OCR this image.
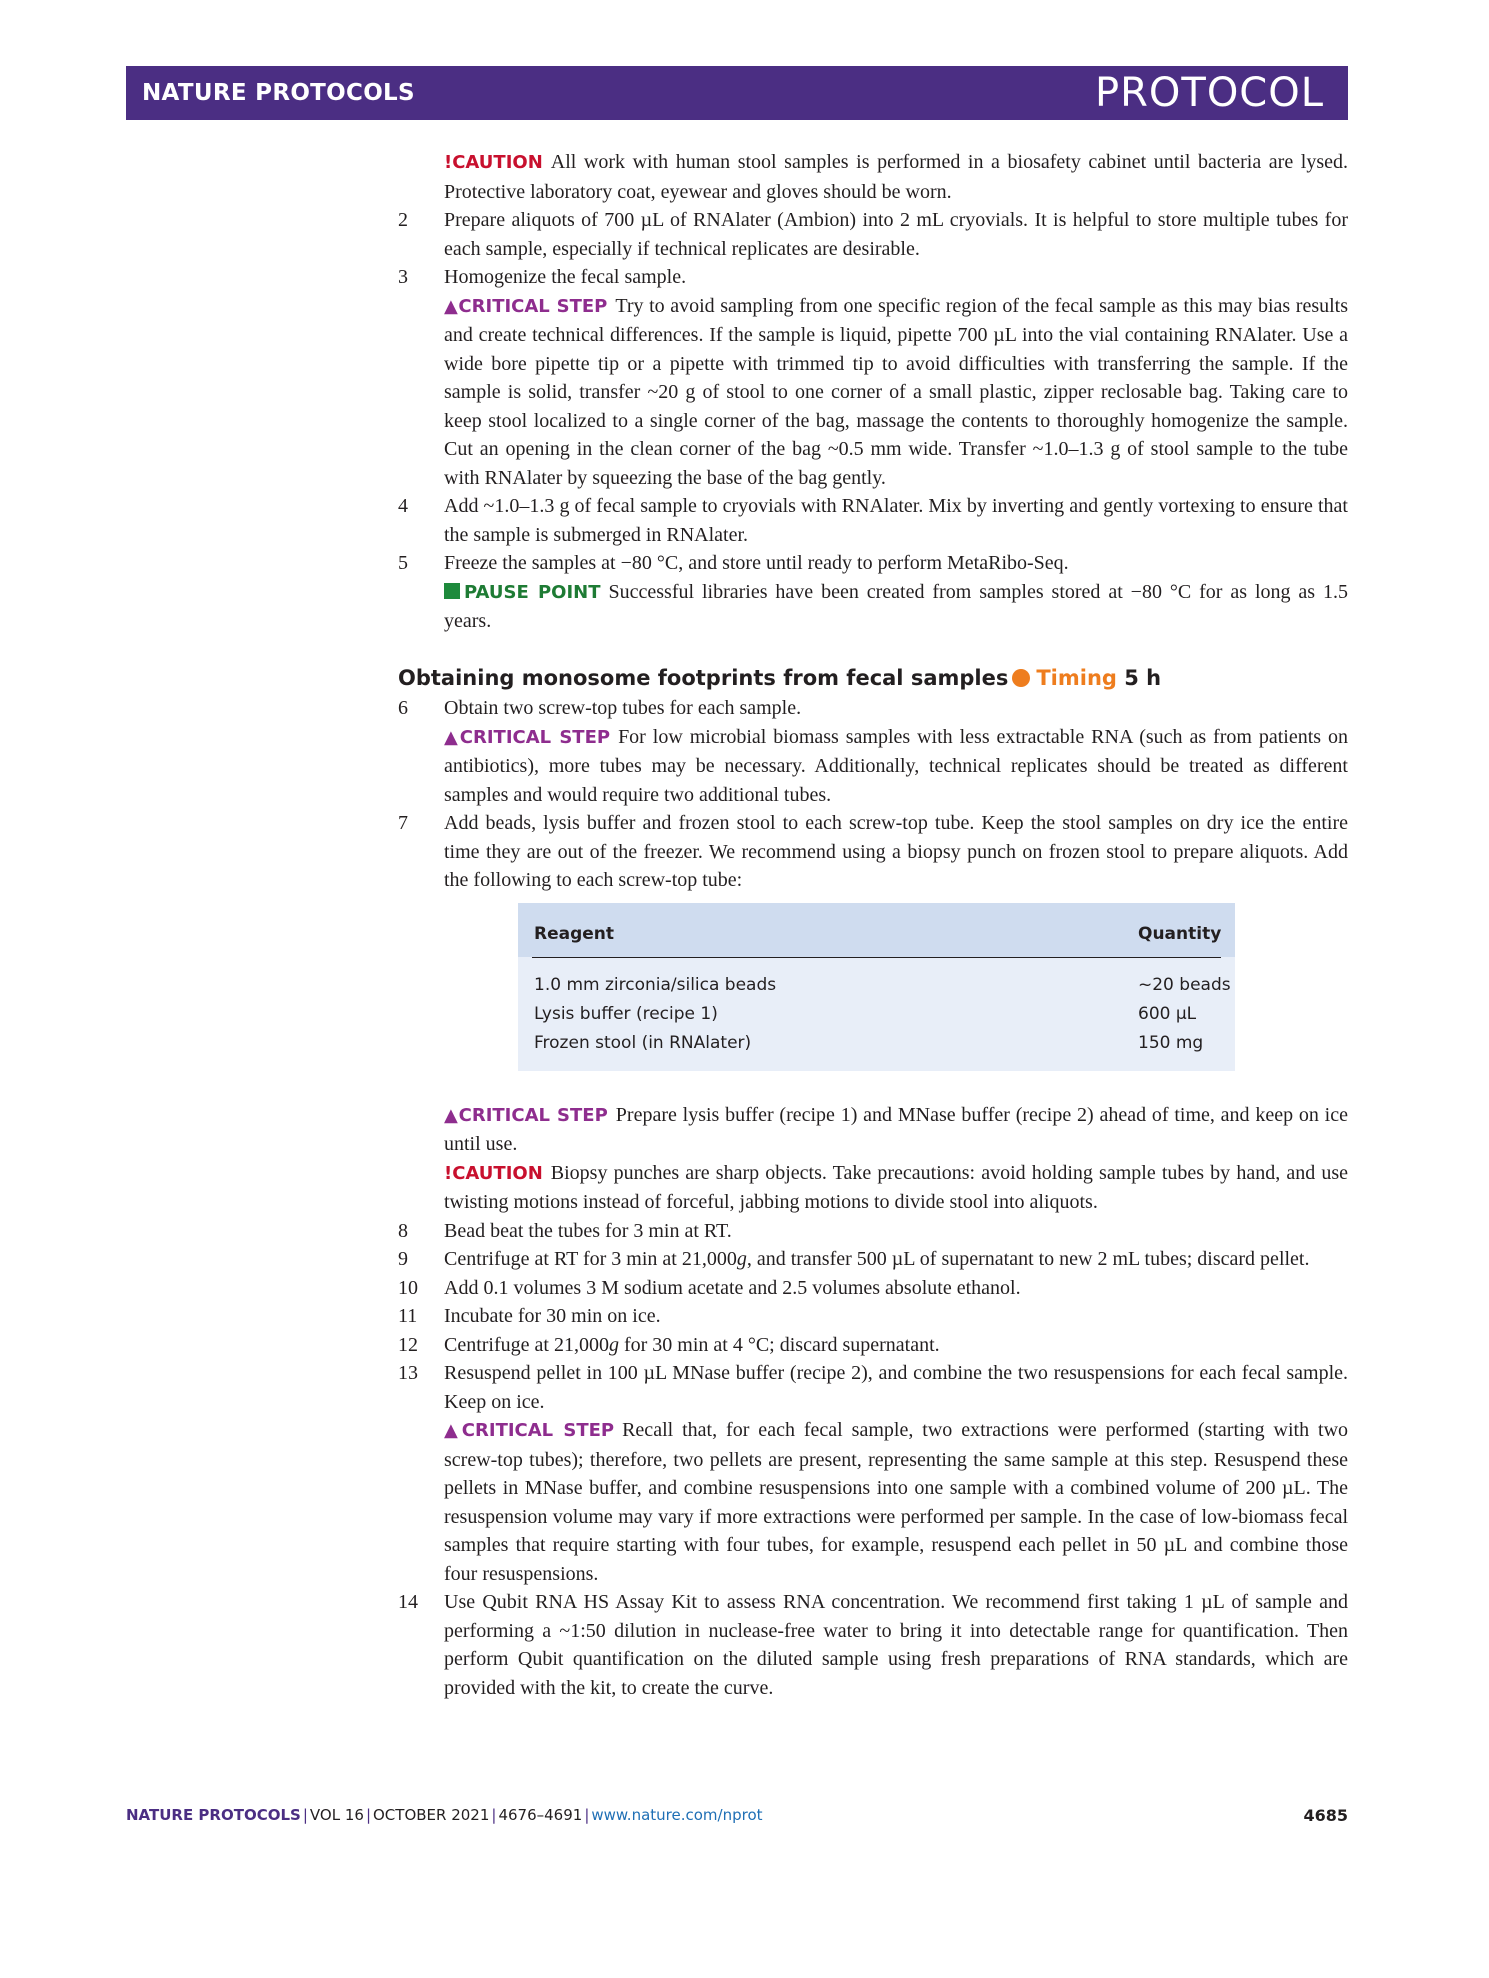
NATURE PROTOCOLS	PROTOCOL
!CAUTION All work with human stool samples is performed in a biosafety cabinet until bacteria are lysed. Protective laboratory coat, eyewear and gloves should be worn.
2 Prepare aliquots of 700 µL of RNAlater (Ambion) into 2 mL cryovials. It is helpful to store multiple tubes for each sample, especially if technical replicates are desirable.
3 Homogenize the fecal sample.
▲CRITICAL STEP Try to avoid sampling from one specific region of the fecal sample as this may bias results and create technical differences. If the sample is liquid, pipette 700 µL into the vial containing RNAlater. Use a wide bore pipette tip or a pipette with trimmed tip to avoid difficulties with transferring the sample. If the sample is solid, transfer ~20 g of stool to one corner of a small plastic, zipper reclosable bag. Taking care to keep stool localized to a single corner of the bag, massage the contents to thoroughly homogenize the sample. Cut an opening in the clean corner of the bag ~0.5 mm wide. Transfer ~1.0–1.3 g of stool sample to the tube with RNAlater by squeezing the base of the bag gently.
4 Add ~1.0–1.3 g of fecal sample to cryovials with RNAlater. Mix by inverting and gently vortexing to ensure that the sample is submerged in RNAlater.
5 Freeze the samples at −80 °C, and store until ready to perform MetaRibo-Seq.
PAUSE POINT Successful libraries have been created from samples stored at −80 °C for as long as 1.5 years.
Obtaining monosome footprints from fecal samples Timing 5 h
6 Obtain two screw-top tubes for each sample.
▲CRITICAL STEP For low microbial biomass samples with less extractable RNA (such as from patients on antibiotics), more tubes may be necessary. Additionally, technical replicates should be treated as different samples and would require two additional tubes.
7 Add beads, lysis buffer and frozen stool to each screw-top tube. Keep the stool samples on dry ice the entire time they are out of the freezer. We recommend using a biopsy punch on frozen stool to prepare aliquots. Add the following to each screw-top tube:
Reagent	Quantity
1.0 mm zirconia/silica beads	~20 beads
Lysis buffer (recipe 1)	600 µL
Frozen stool (in RNAlater)	150 mg
▲CRITICAL STEP Prepare lysis buffer (recipe 1) and MNase buffer (recipe 2) ahead of time, and keep on ice until use.
!CAUTION Biopsy punches are sharp objects. Take precautions: avoid holding sample tubes by hand, and use twisting motions instead of forceful, jabbing motions to divide stool into aliquots.
8 Bead beat the tubes for 3 min at RT.
9 Centrifuge at RT for 3 min at 21,000g, and transfer 500 µL of supernatant to new 2 mL tubes; discard pellet.
10 Add 0.1 volumes 3 M sodium acetate and 2.5 volumes absolute ethanol.
11 Incubate for 30 min on ice.
12 Centrifuge at 21,000g for 30 min at 4 °C; discard supernatant.
13 Resuspend pellet in 100 µL MNase buffer (recipe 2), and combine the two resuspensions for each fecal sample. Keep on ice.
▲CRITICAL STEP Recall that, for each fecal sample, two extractions were performed (starting with two screw-top tubes); therefore, two pellets are present, representing the same sample at this step. Resuspend these pellets in MNase buffer, and combine resuspensions into one sample with a combined volume of 200 µL. The resuspension volume may vary if more extractions were performed per sample. In the case of low-biomass fecal samples that require starting with four tubes, for example, resuspend each pellet in 50 µL and combine those four resuspensions.
14 Use Qubit RNA HS Assay Kit to assess RNA concentration. We recommend first taking 1 µL of sample and performing a ~1:50 dilution in nuclease-free water to bring it into detectable range for quantification. Then perform Qubit quantification on the diluted sample using fresh preparations of RNA standards, which are provided with the kit, to create the curve.
NATURE PROTOCOLS | VOL 16 | OCTOBER 2021 | 4676–4691 | www.nature.com/nprot	4685
